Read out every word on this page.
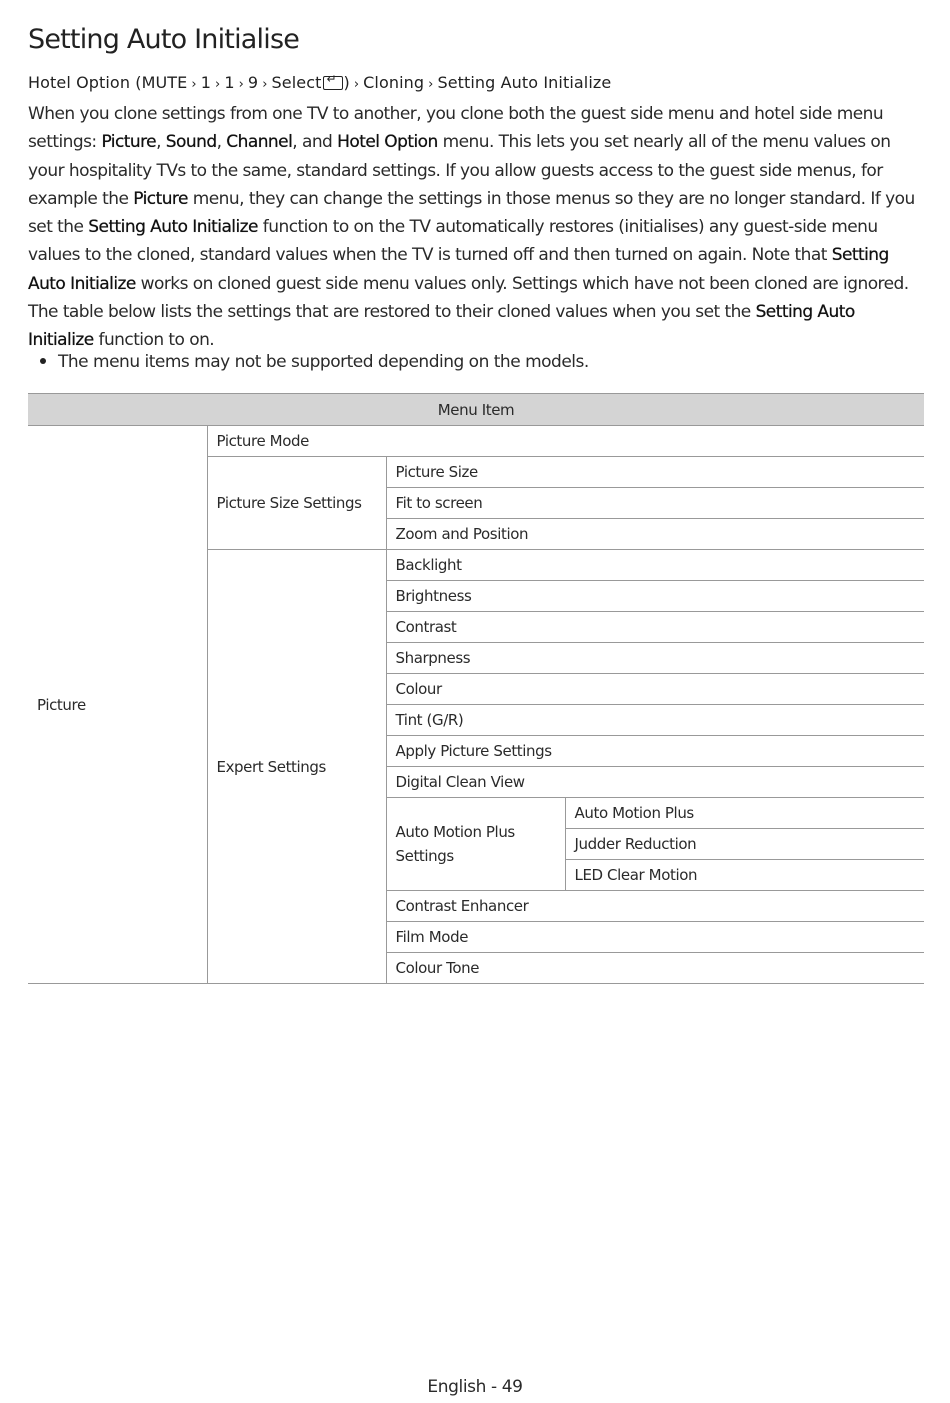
Setting Auto Initialise
Hotel Option (MUTE › 1 › 1 › 9 › Select ↵ ) › Cloning › Setting Auto Initialize

When you clone settings from one TV to another, you clone both the guest side menu and hotel side menu settings: Picture, Sound, Channel, and Hotel Option menu. This lets you set nearly all of the menu values on your hospitality TVs to the same, standard settings. If you allow guests access to the guest side menus, for example the Picture menu, they can change the settings in those menus so they are no longer standard. If you set the Setting Auto Initialize function to on the TV automatically restores (initialises) any guest-side menu values to the cloned, standard values when the TV is turned off and then turned on again. Note that Setting Auto Initialize works on cloned guest side menu values only. Settings which have not been cloned are ignored.

The table below lists the settings that are restored to their cloned values when you set the Setting Auto Initialize function to on.

The menu items may not be supported depending on the models.
Menu Item			
Picture	Picture Mode		
	Picture Size Settings	Picture Size	
		Fit to screen	
		Zoom and Position	
	Expert Settings	Backlight	
		Brightness	
		Contrast	
		Sharpness	
		Colour	
		Tint (G/R)	
		Apply Picture Settings	
		Digital Clean View	

		Auto Motion Plus Settings	Auto Motion Plus
			Judder Reduction
			LED Clear Motion
		Contrast Enhancer	
		Film Mode	
		Colour Tone	
English - 49
